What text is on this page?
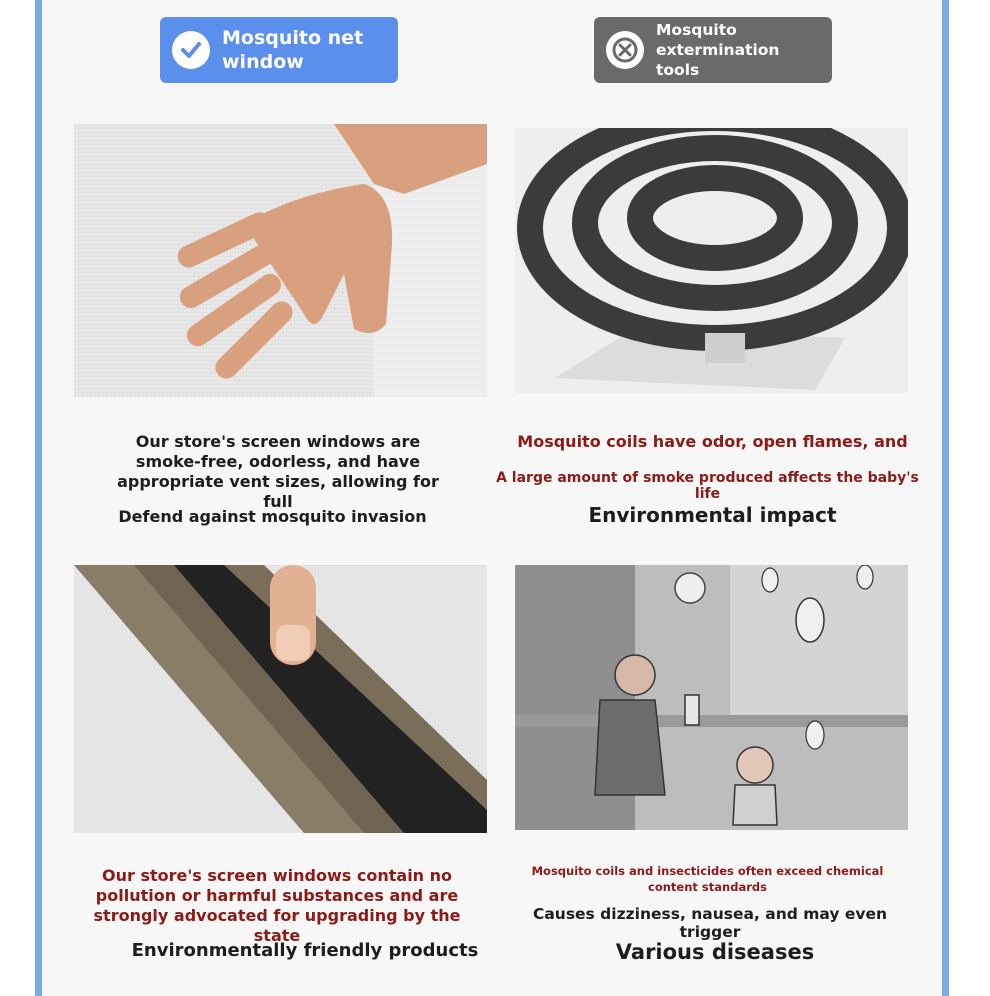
Mosquito net window
Mosquito extermination tools
Our store's screen windows are smoke-free, odorless, and have appropriate vent sizes, allowing for full
Defend against mosquito invasion
Mosquito coils have odor, open flames, and
A large amount of smoke produced affects the baby's life
Environmental impact
Our store's screen windows contain no pollution or harmful substances and are strongly advocated for upgrading by the state
Environmentally friendly products
Mosquito coils and insecticides often exceed chemical content standards
Causes dizziness, nausea, and may even trigger
Various diseases
